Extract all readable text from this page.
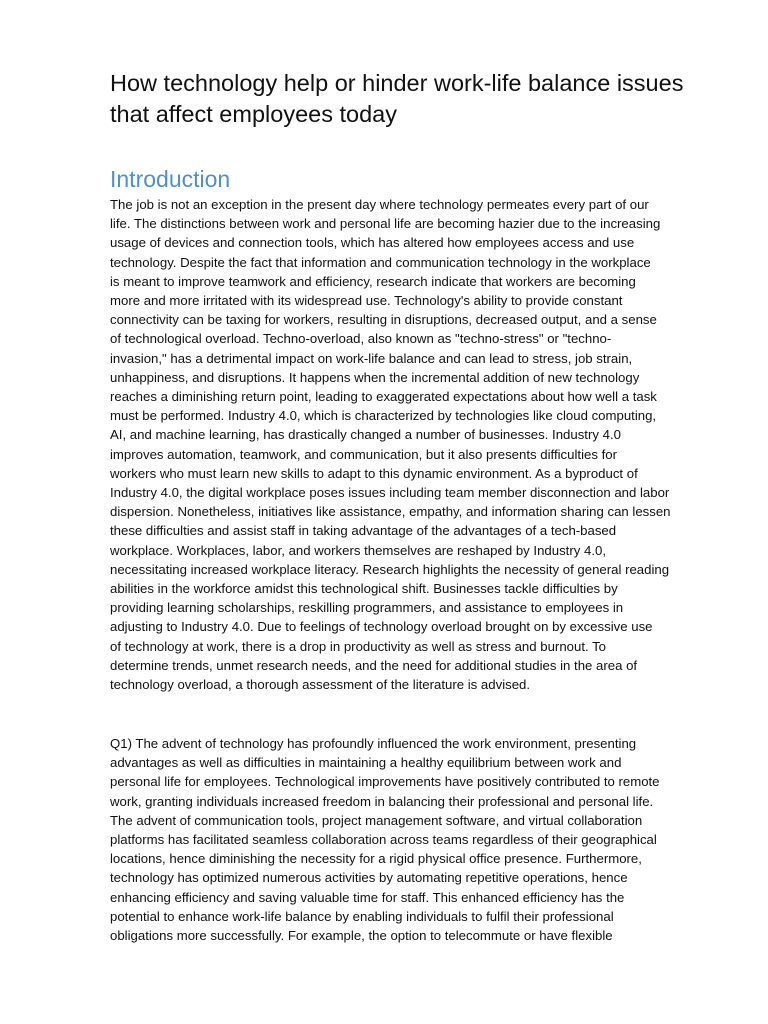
How technology help or hinder work-life balance issues
that affect employees today
Introduction

The job is not an exception in the present day where technology permeates every part of our
life. The distinctions between work and personal life are becoming hazier due to the increasing
usage of devices and connection tools, which has altered how employees access and use
technology. Despite the fact that information and communication technology in the workplace
is meant to improve teamwork and efficiency, research indicate that workers are becoming
more and more irritated with its widespread use. Technology's ability to provide constant
connectivity can be taxing for workers, resulting in disruptions, decreased output, and a sense
of technological overload. Techno-overload, also known as "techno-stress" or "techno-
invasion," has a detrimental impact on work-life balance and can lead to stress, job strain,
unhappiness, and disruptions. It happens when the incremental addition of new technology
reaches a diminishing return point, leading to exaggerated expectations about how well a task
must be performed. Industry 4.0, which is characterized by technologies like cloud computing,
AI, and machine learning, has drastically changed a number of businesses. Industry 4.0
improves automation, teamwork, and communication, but it also presents difficulties for
workers who must learn new skills to adapt to this dynamic environment. As a byproduct of
Industry 4.0, the digital workplace poses issues including team member disconnection and labor
dispersion. Nonetheless, initiatives like assistance, empathy, and information sharing can lessen
these difficulties and assist staff in taking advantage of the advantages of a tech-based
workplace. Workplaces, labor, and workers themselves are reshaped by Industry 4.0,
necessitating increased workplace literacy. Research highlights the necessity of general reading
abilities in the workforce amidst this technological shift. Businesses tackle difficulties by
providing learning scholarships, reskilling programmers, and assistance to employees in
adjusting to Industry 4.0. Due to feelings of technology overload brought on by excessive use
of technology at work, there is a drop in productivity as well as stress and burnout. To
determine trends, unmet research needs, and the need for additional studies in the area of
technology overload, a thorough assessment of the literature is advised.

Q1) The advent of technology has profoundly influenced the work environment, presenting
advantages as well as difficulties in maintaining a healthy equilibrium between work and
personal life for employees. Technological improvements have positively contributed to remote
work, granting individuals increased freedom in balancing their professional and personal life.
The advent of communication tools, project management software, and virtual collaboration
platforms has facilitated seamless collaboration across teams regardless of their geographical
locations, hence diminishing the necessity for a rigid physical office presence. Furthermore,
technology has optimized numerous activities by automating repetitive operations, hence
enhancing efficiency and saving valuable time for staff. This enhanced efficiency has the
potential to enhance work-life balance by enabling individuals to fulfil their professional
obligations more successfully. For example, the option to telecommute or have flexible
